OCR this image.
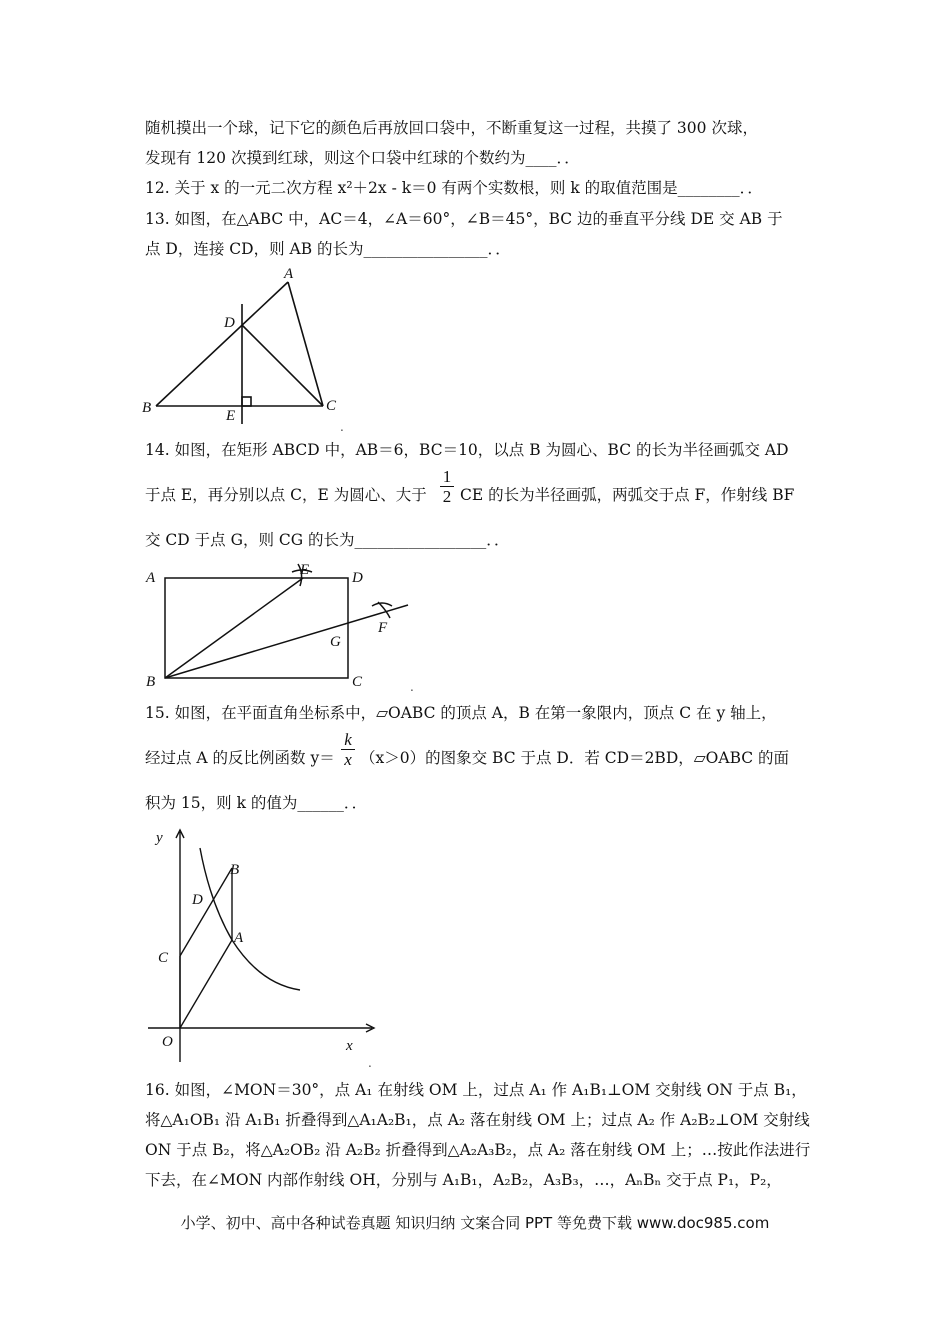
随机摸出一个球，记下它的颜色后再放回口袋中，不断重复这一过程，共摸了 300 次球，
发现有 120 次摸到红球，则这个口袋中红球的个数约为____．．
12. 关于 x 的一元二次方程 x²＋2x - k＝0 有两个实数根，则 k 的取值范围是________．．
13. 如图，在△ABC 中，AC＝4，∠A＝60°，∠B＝45°，BC 边的垂直平分线 DE 交 AB 于
点 D，连接 CD，则 AB 的长为________________．．
A
B	C
D
E
.
14. 如图，在矩形 ABCD 中，AB＝6，BC＝10，以点 B 为圆心、BC 的长为半径画弧交 AD
于点 E，再分别以点 C，E 为圆心、大于
1
2 CE 的长为半径画弧，两弧交于点 F，作射线 BF
交 CD 于点 G，则 CG 的长为_________________．．
A
B	C
D
E
F
G
.
15. 如图，在平面直角坐标系中，▱OABC 的顶点 A，B 在第一象限内，顶点 C 在 y 轴上，
经过点 A 的反比例函数 y＝
k
x （x＞0）的图象交 BC 于点 D．若 CD＝2BD，▱OABC 的面
积为 15，则 k 的值为______．．
y
x
O
A
B
C
D
.
16. 如图，∠MON＝30°，点 A₁ 在射线 OM 上，过点 A₁ 作 A₁B₁⊥OM 交射线 ON 于点 B₁，
将△A₁OB₁ 沿 A₁B₁ 折叠得到△A₁A₂B₁，点 A₂ 落在射线 OM 上；过点 A₂ 作 A₂B₂⊥OM 交射线
ON 于点 B₂，将△A₂OB₂ 沿 A₂B₂ 折叠得到△A₂A₃B₂，点 A₂ 落在射线 OM 上；…按此作法进行
下去，在∠MON 内部作射线 OH，分别与 A₁B₁，A₂B₂，A₃B₃，…，AₙBₙ 交于点 P₁，P₂，
小学、初中、高中各种试卷真题 知识归纳 文案合同 PPT 等免费下载 www.doc985.com
